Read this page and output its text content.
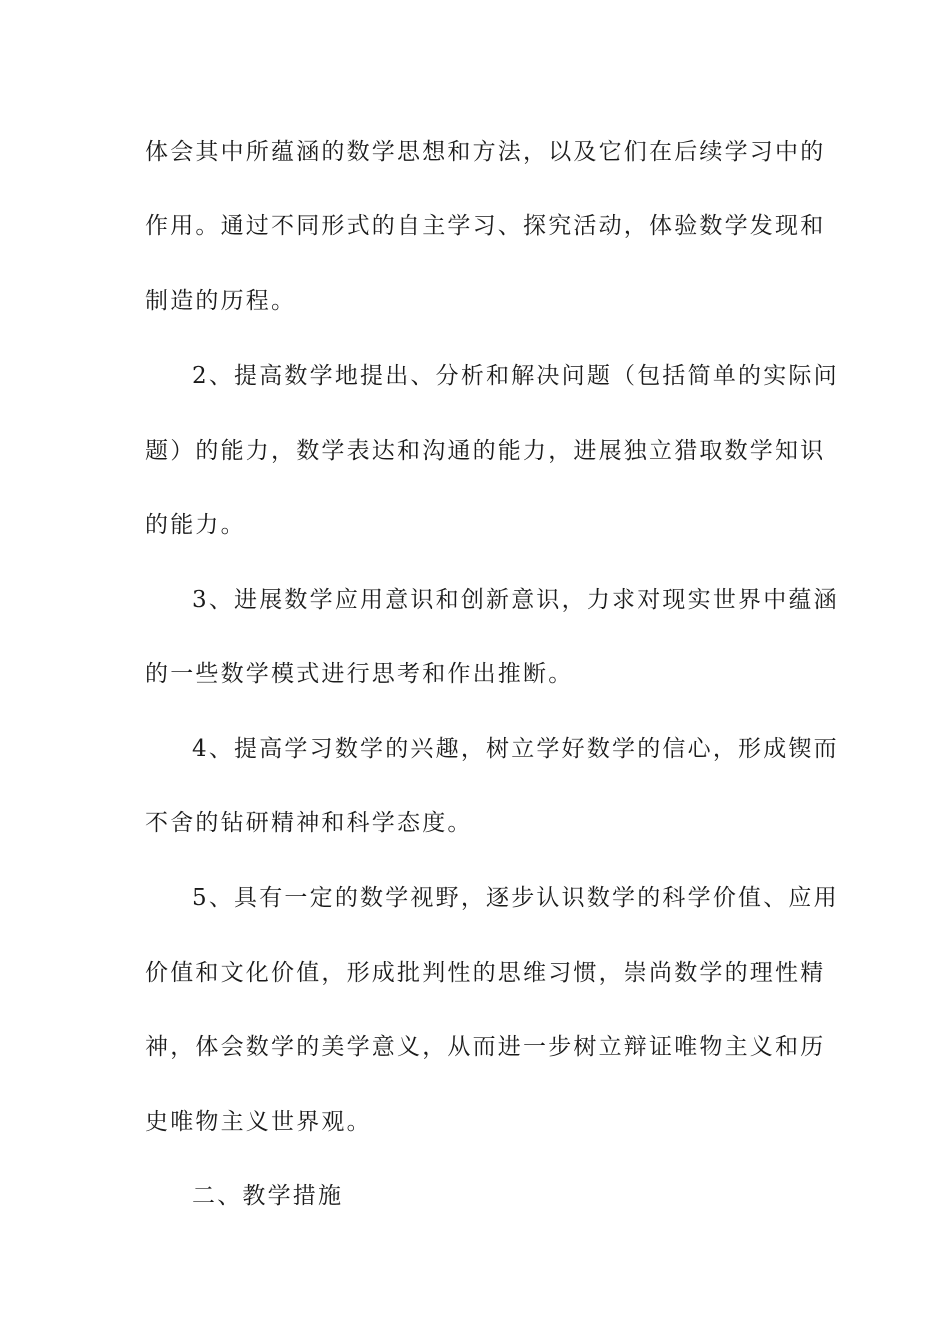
体会其中所蕴涵的数学思想和方法，以及它们在后续学习中的
作用。通过不同形式的自主学习、探究活动，体验数学发现和
制造的历程。
2、提高数学地提出、分析和解决问题（包括简单的实际问
题）的能力，数学表达和沟通的能力，进展独立猎取数学知识
的能力。
3、进展数学应用意识和创新意识，力求对现实世界中蕴涵
的一些数学模式进行思考和作出推断。
4、提高学习数学的兴趣，树立学好数学的信心，形成锲而
不舍的钻研精神和科学态度。
5、具有一定的数学视野，逐步认识数学的科学价值、应用
价值和文化价值，形成批判性的思维习惯，崇尚数学的理性精
神，体会数学的美学意义，从而进一步树立辩证唯物主义和历
史唯物主义世界观。
二、教学措施
